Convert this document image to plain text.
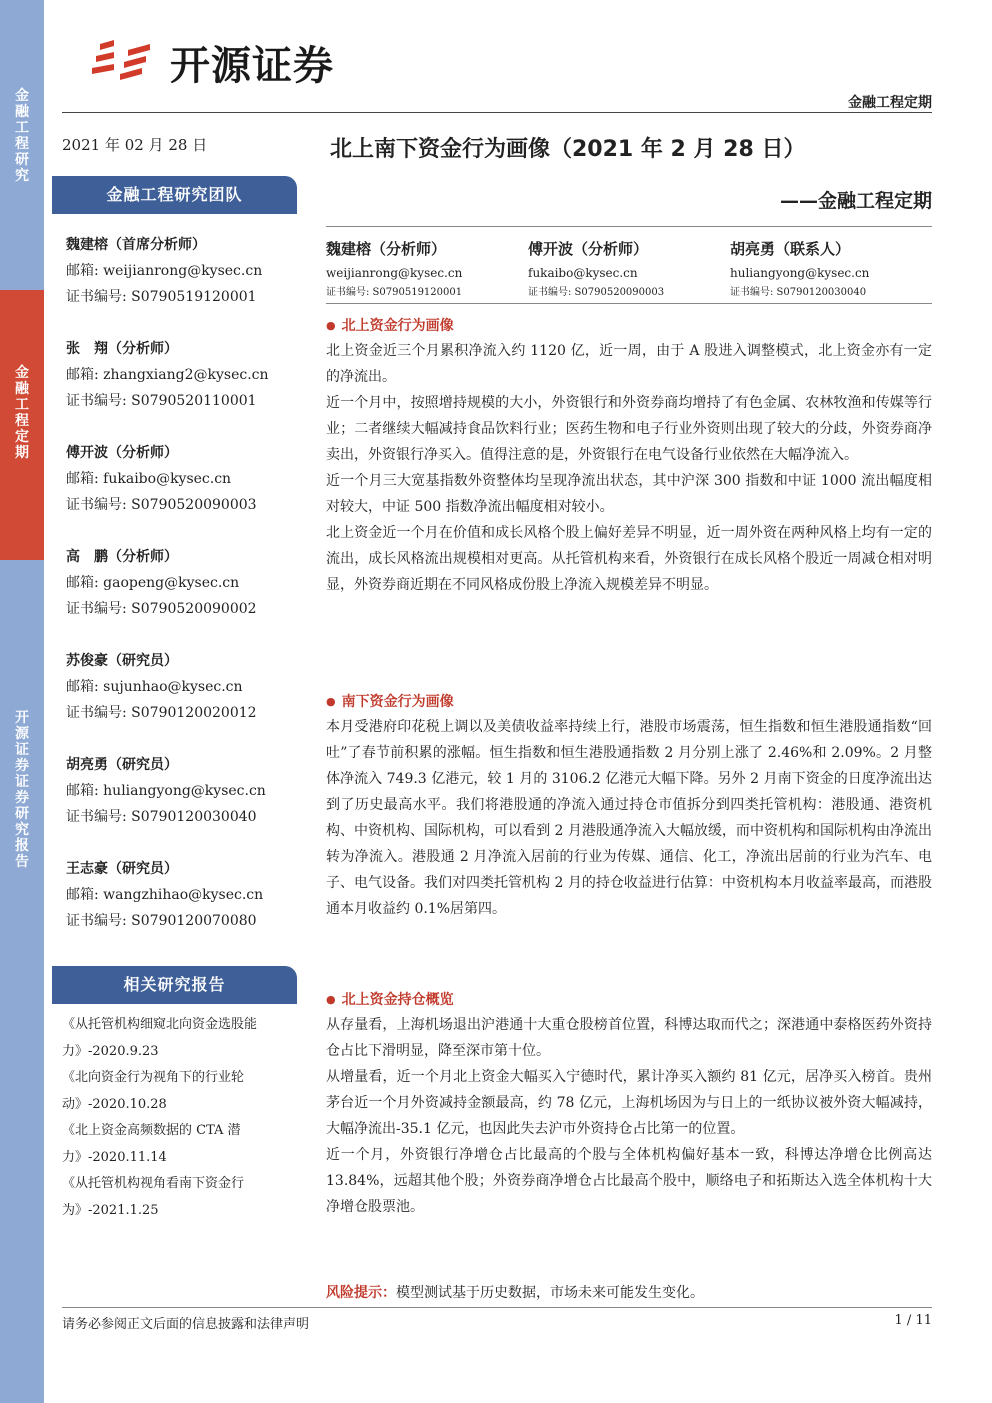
金融工程研究
金融工程定期
开源证券 证券研究报告
开源证券
金融工程定期
2021 年 02 月 28 日
金融工程研究团队
魏建榕（首席分析师）
邮箱: weijianrong@kysec.cn
证书编号: S0790519120001
张　翔（分析师）
邮箱: zhangxiang2@kysec.cn
证书编号: S0790520110001
傅开波（分析师）
邮箱: fukaibo@kysec.cn
证书编号: S0790520090003
高　鹏（分析师）
邮箱: gaopeng@kysec.cn
证书编号: S0790520090002
苏俊豪（研究员）
邮箱: sujunhao@kysec.cn
证书编号: S0790120020012
胡亮勇（研究员）
邮箱: huliangyong@kysec.cn
证书编号: S0790120030040
王志豪（研究员）
邮箱: wangzhihao@kysec.cn
证书编号: S0790120070080
相关研究报告
《从托管机构细窥北向资金选股能力》-2020.9.23
《北向资金行为视角下的行业轮动》-2020.10.28
《北上资金高频数据的 CTA 潜力》-2020.11.14
《从托管机构视角看南下资金行为》-2021.1.25
北上南下资金行为画像（2021 年 2 月 28 日）
——金融工程定期
魏建榕（分析师）
weijianrong@kysec.cn
证书编号: S0790519120001
傅开波（分析师）
fukaibo@kysec.cn
证书编号: S0790520090003
胡亮勇（联系人）
huliangyong@kysec.cn
证书编号: S0790120030040
● 北上资金行为画像

北上资金近三个月累积净流入约 1120 亿，近一周，由于 A 股进入调整模式，北上资金亦有一定的净流出。

近一个月中，按照增持规模的大小，外资银行和外资券商均增持了有色金属、农林牧渔和传媒等行业；二者继续大幅减持食品饮料行业；医药生物和电子行业外资则出现了较大的分歧，外资券商净卖出，外资银行净买入。值得注意的是，外资银行在电气设备行业依然在大幅净流入。

近一个月三大宽基指数外资整体均呈现净流出状态，其中沪深 300 指数和中证 1000 流出幅度相对较大，中证 500 指数净流出幅度相对较小。

北上资金近一个月在价值和成长风格个股上偏好差异不明显，近一周外资在两种风格上均有一定的流出，成长风格流出规模相对更高。从托管机构来看，外资银行在成长风格个股近一周减仓相对明显，外资券商近期在不同风格成份股上净流入规模差异不明显。

● 南下资金行为画像

本月受港府印花税上调以及美债收益率持续上行，港股市场震荡，恒生指数和恒生港股通指数“回吐”了春节前积累的涨幅。恒生指数和恒生港股通指数 2 月分别上涨了 2.46%和 2.09%。2 月整体净流入 749.3 亿港元，较 1 月的 3106.2 亿港元大幅下降。另外 2 月南下资金的日度净流出达到了历史最高水平。我们将港股通的净流入通过持仓市值拆分到四类托管机构：港股通、港资机构、中资机构、国际机构，可以看到 2 月港股通净流入大幅放缓，而中资机构和国际机构由净流出转为净流入。港股通 2 月净流入居前的行业为传媒、通信、化工，净流出居前的行业为汽车、电子、电气设备。我们对四类托管机构 2 月的持仓收益进行估算：中资机构本月收益率最高，而港股通本月收益约 0.1%居第四。

● 北上资金持仓概览

从存量看，上海机场退出沪港通十大重仓股榜首位置，科博达取而代之；深港通中泰格医药外资持仓占比下滑明显，降至深市第十位。

从增量看，近一个月北上资金大幅买入宁德时代，累计净买入额约 81 亿元，居净买入榜首。贵州茅台近一个月外资减持金额最高，约 78 亿元，上海机场因为与日上的一纸协议被外资大幅减持，大幅净流出-35.1 亿元，也因此失去沪市外资持仓占比第一的位置。

近一个月，外资银行净增仓占比最高的个股与全体机构偏好基本一致，科博达净增仓比例高达 13.84%，远超其他个股；外资券商净增仓占比最高个股中，顺络电子和拓斯达入选全体机构十大净增仓股票池。

风险提示：模型测试基于历史数据，市场未来可能发生变化。
请务必参阅正文后面的信息披露和法律声明	1 / 11
